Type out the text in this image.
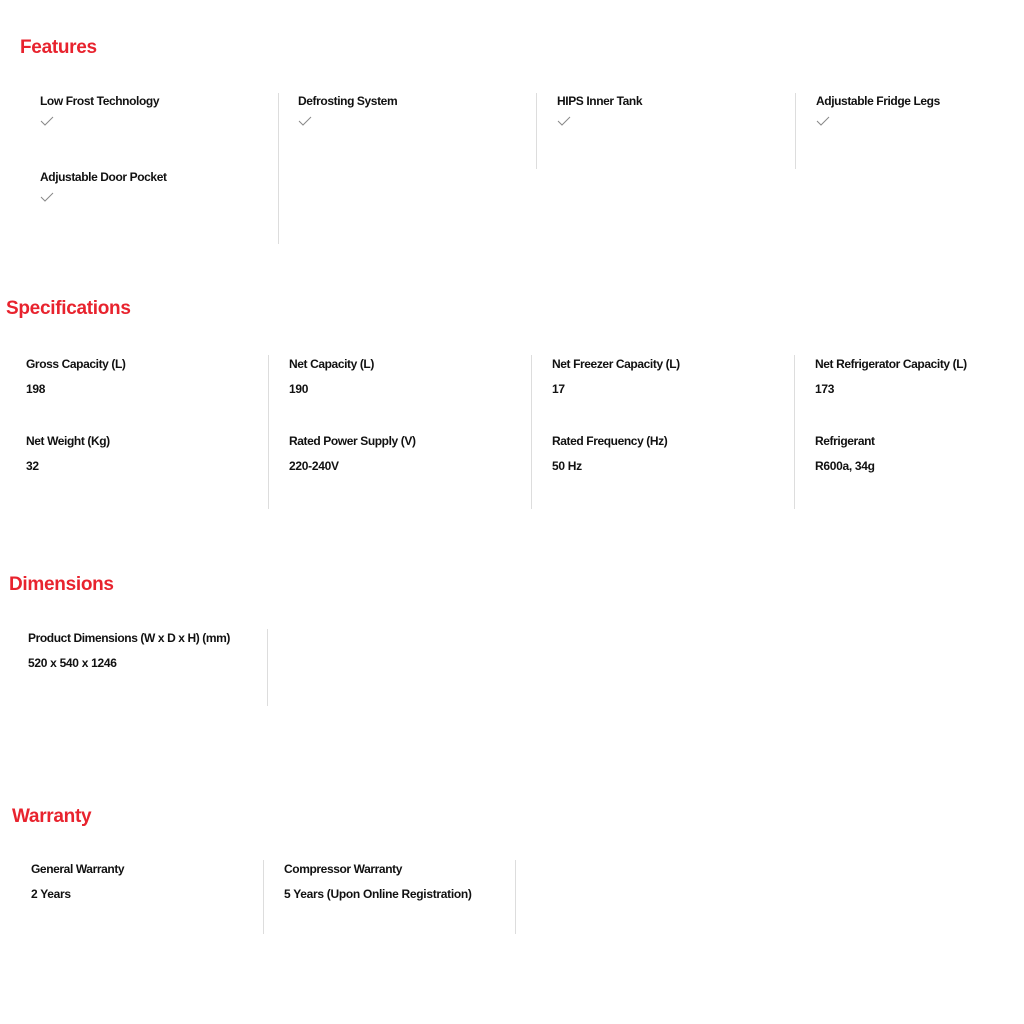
Features
Low Frost Technology	Defrosting System	HIPS Inner Tank	Adjustable Fridge Legs
Adjustable Door Pocket
Specifications
Gross Capacity (L)
198
Net Capacity (L)
190
Net Freezer Capacity (L)
17
Net Refrigerator Capacity (L)
173
Net Weight (Kg)
32
Rated Power Supply (V)
220-240V
Rated Frequency (Hz)
50 Hz
Refrigerant
R600a, 34g
Dimensions
Product Dimensions (W x D x H) (mm)
520 x 540 x 1246
Warranty
General Warranty
2 Years
Compressor Warranty
5 Years (Upon Online Registration)
